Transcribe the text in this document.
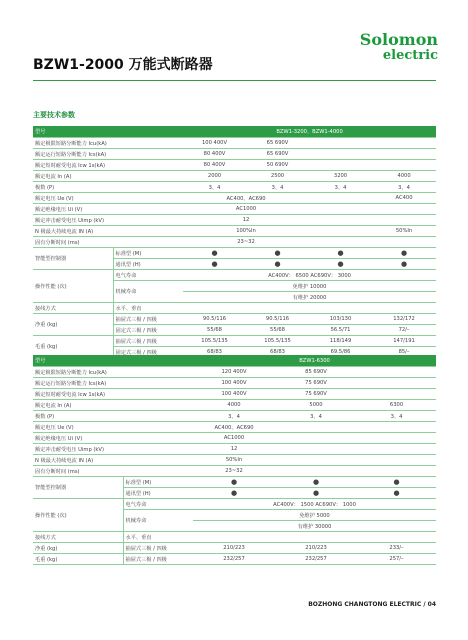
Solomon
electric
BZW1-2000 万能式断路器
主要技术参数
型号		BZW1-3200、BZW1-4000			
额定极限短路分断能力 Icu(kA)		100 400V	65 690V		
额定运行短路分断能力 Ics(kA)		80 400V	65 690V		
额定短时耐受电流 Icw 1s(kA)		80 400V	50 690V		
额定电流 In (A)		2000	2500	3200	4000
极数 (P)		3、4	3、4	3、4	3、4
额定电压 Ue (V)		AC400、AC690			AC400
额定绝缘电压 Ui (V)		AC1000			
额定冲击耐受电压 Uimp (kV)		12			
N 极最大持续电流 IN (A)		100%In			50%In
固有分断时间 (ms)		23~32			
智能型控制器	标准型 (M)	●	●	●	●
	通讯型 (H)	●	●	●	●
操作性能 (次)	电气寿命	AC400V： 6500 AC690V： 3000			
	机械寿命	免维护 10000			
		有维护 20000			
接线方式	水平、垂直				
净重 (kg)	抽屉式三极 / 四极	90.5/116	90.5/116	103/130	132/172
	固定式三极 / 四极	55/68	55/68	56.5/71	72/–
毛重 (kg)	抽屉式三极 / 四极	105.5/135	105.5/135	118/149	147/191
	固定式三极 / 四极	68/83	68/83	69.5/86	85/–
型号		BZW1-6300		
额定极限短路分断能力 Icu(kA)		120 400V	85 690V	
额定运行短路分断能力 Ics(kA)		100 400V	75 690V	
额定短时耐受电流 Icw 1s(kA)		100 400V	75 690V	
额定电流 In (A)		4000	5000	6300
极数 (P)		3、4	3、4	3、4
额定电压 Ue (V)		AC400、AC690		
额定绝缘电压 Ui (V)		AC1000		
额定冲击耐受电压 Uimp (kV)		12		
N 极最大持续电流 IN (A)		50%In		
固有分断时间 (ms)		23~32		
智能型控制器	标准型 (M)	●	●	●
	通讯型 (H)	●	●	●
操作性能 (次)	电气寿命	AC400V： 1500 AC690V： 1000		
	机械寿命	免维护 5000		
		有维护 30000		
接线方式	水平、垂直			
净重 (kg)	抽屉式三极 / 四极	210/223	210/223	233/–
毛重 (kg)	抽屉式三极 / 四极	232/257	232/257	257/–
BOZHONG CHANGTONG ELECTRIC / 04
